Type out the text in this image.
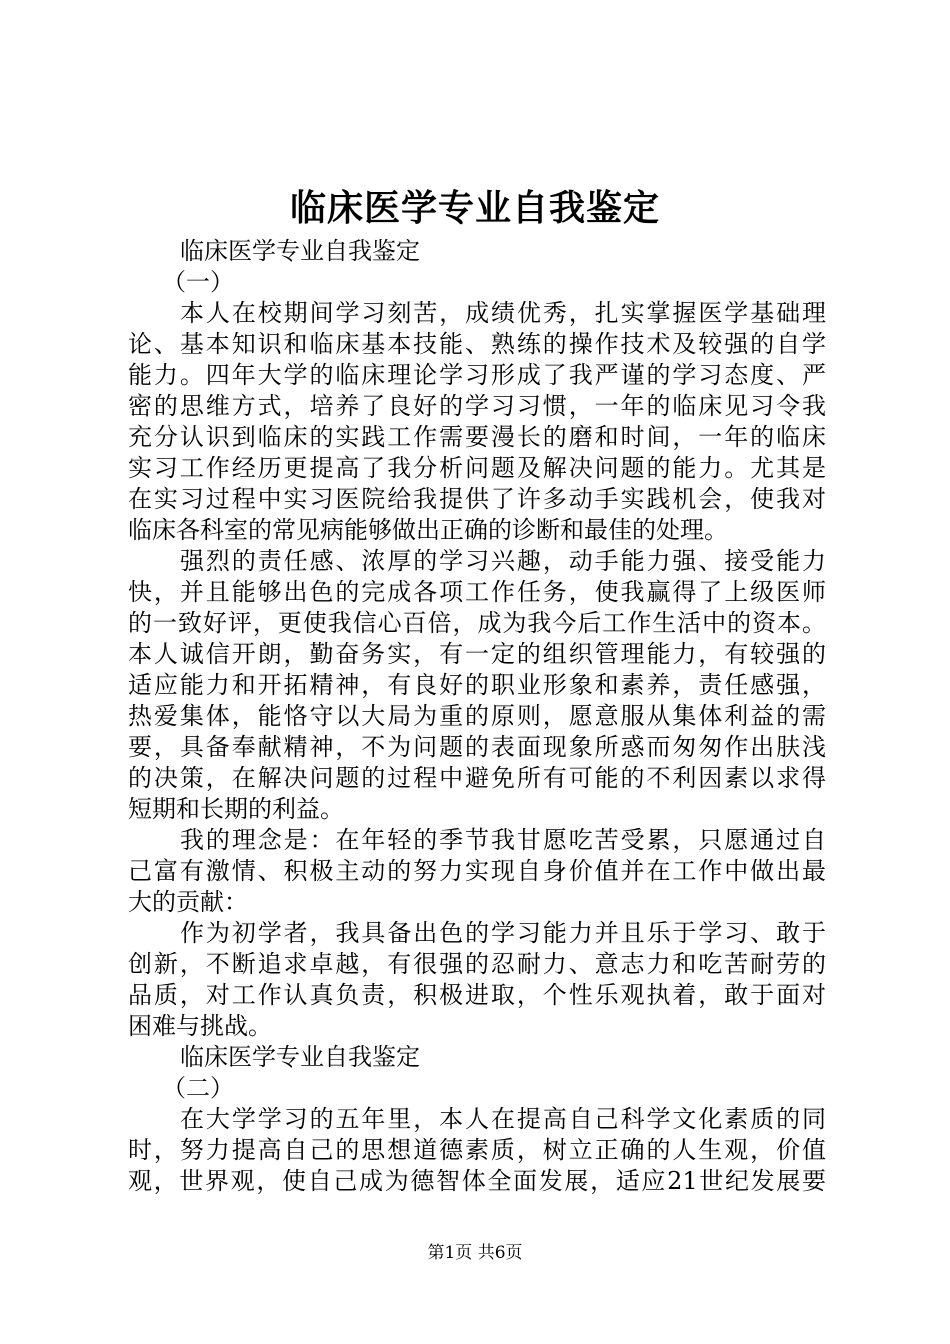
临床医学专业自我鉴定
临床医学专业自我鉴定
（一）
本人在校期间学习刻苦，成绩优秀，扎实掌握医学基础理
论、基本知识和临床基本技能、熟练的操作技术及较强的自学
能力。四年大学的临床理论学习形成了我严谨的学习态度、严
密的思维方式，培养了良好的学习习惯，一年的临床见习令我
充分认识到临床的实践工作需要漫长的磨和时间，一年的临床
实习工作经历更提高了我分析问题及解决问题的能力。尤其是
在实习过程中实习医院给我提供了许多动手实践机会，使我对
临床各科室的常见病能够做出正确的诊断和最佳的处理。
强烈的责任感、浓厚的学习兴趣，动手能力强、接受能力
快，并且能够出色的完成各项工作任务，使我赢得了上级医师
的一致好评，更使我信心百倍，成为我今后工作生活中的资本。
本人诚信开朗，勤奋务实，有一定的组织管理能力，有较强的
适应能力和开拓精神，有良好的职业形象和素养，责任感强，
热爱集体，能恪守以大局为重的原则，愿意服从集体利益的需
要，具备奉献精神，不为问题的表面现象所惑而匆匆作出肤浅
的决策，在解决问题的过程中避免所有可能的不利因素以求得
短期和长期的利益。
我的理念是：在年轻的季节我甘愿吃苦受累，只愿通过自
己富有激情、积极主动的努力实现自身价值并在工作中做出最
大的贡献：
作为初学者，我具备出色的学习能力并且乐于学习、敢于
创新，不断追求卓越，有很强的忍耐力、意志力和吃苦耐劳的
品质，对工作认真负责，积极进取，个性乐观执着，敢于面对
困难与挑战。
临床医学专业自我鉴定
（二）
在大学学习的五年里，本人在提高自己科学文化素质的同
时，努力提高自己的思想道德素质，树立正确的人生观，价值
观，世界观，使自己成为德智体全面发展，适应21世纪发展要
第1页 共6页
